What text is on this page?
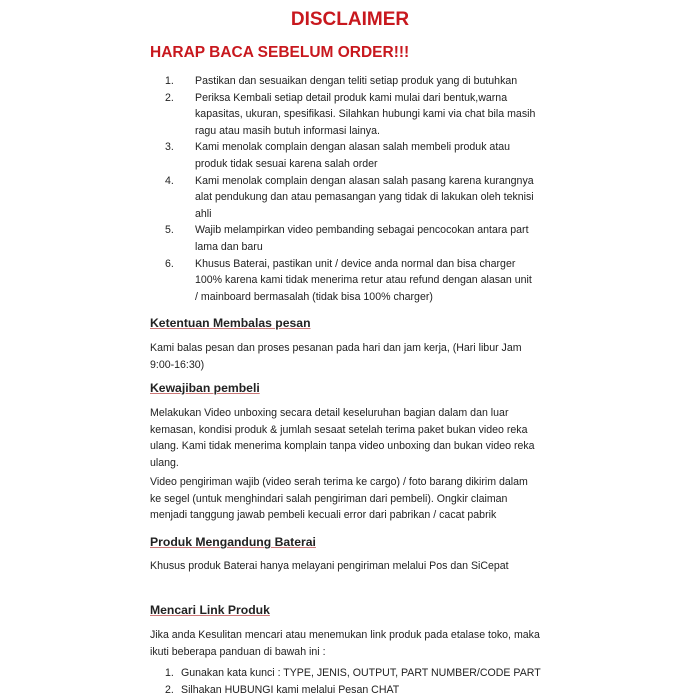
DISCLAIMER
HARAP BACA SEBELUM ORDER!!!
1. Pastikan dan sesuaikan dengan teliti setiap produk yang di butuhkan
2. Periksa Kembali setiap detail produk kami mulai dari bentuk,warna
kapasitas, ukuran, spesifikasi. Silahkan hubungi kami via chat bila masih
ragu atau masih butuh informasi lainya.
3. Kami menolak complain dengan alasan salah membeli produk atau
produk tidak sesuai karena salah order
4. Kami menolak complain dengan alasan salah pasang karena kurangnya
alat pendukung dan atau pemasangan yang tidak di lakukan oleh teknisi
ahli
5. Wajib melampirkan video pembanding sebagai pencocokan antara part
lama dan baru
6. Khusus Baterai, pastikan unit / device anda normal dan bisa charger
100% karena kami tidak menerima retur atau refund dengan alasan unit
/ mainboard bermasalah (tidak bisa 100% charger)
Ketentuan Membalas pesan
Kami balas pesan dan proses pesanan pada hari dan jam kerja, (Hari libur Jam
9:00-16:30)
Kewajiban pembeli
Melakukan Video unboxing secara detail keseluruhan bagian dalam dan luar
kemasan, kondisi produk & jumlah sesaat setelah terima paket bukan video reka
ulang. Kami tidak menerima komplain tanpa video unboxing dan bukan video reka
ulang.
Video pengiriman wajib (video serah terima ke cargo) / foto barang dikirim dalam
ke segel (untuk menghindari salah pengiriman dari pembeli). Ongkir claiman
menjadi tanggung jawab pembeli kecuali error dari pabrikan / cacat pabrik
Produk Mengandung Baterai
Khusus produk Baterai hanya melayani pengiriman melalui Pos dan SiCepat
Mencari Link Produk
Jika anda Kesulitan mencari atau menemukan link produk pada etalase toko, maka
ikuti beberapa panduan di bawah ini :
1. Gunakan kata kunci : TYPE, JENIS, OUTPUT, PART NUMBER/CODE PART
2. Silhakan HUBUNGI kami melalui Pesan CHAT
